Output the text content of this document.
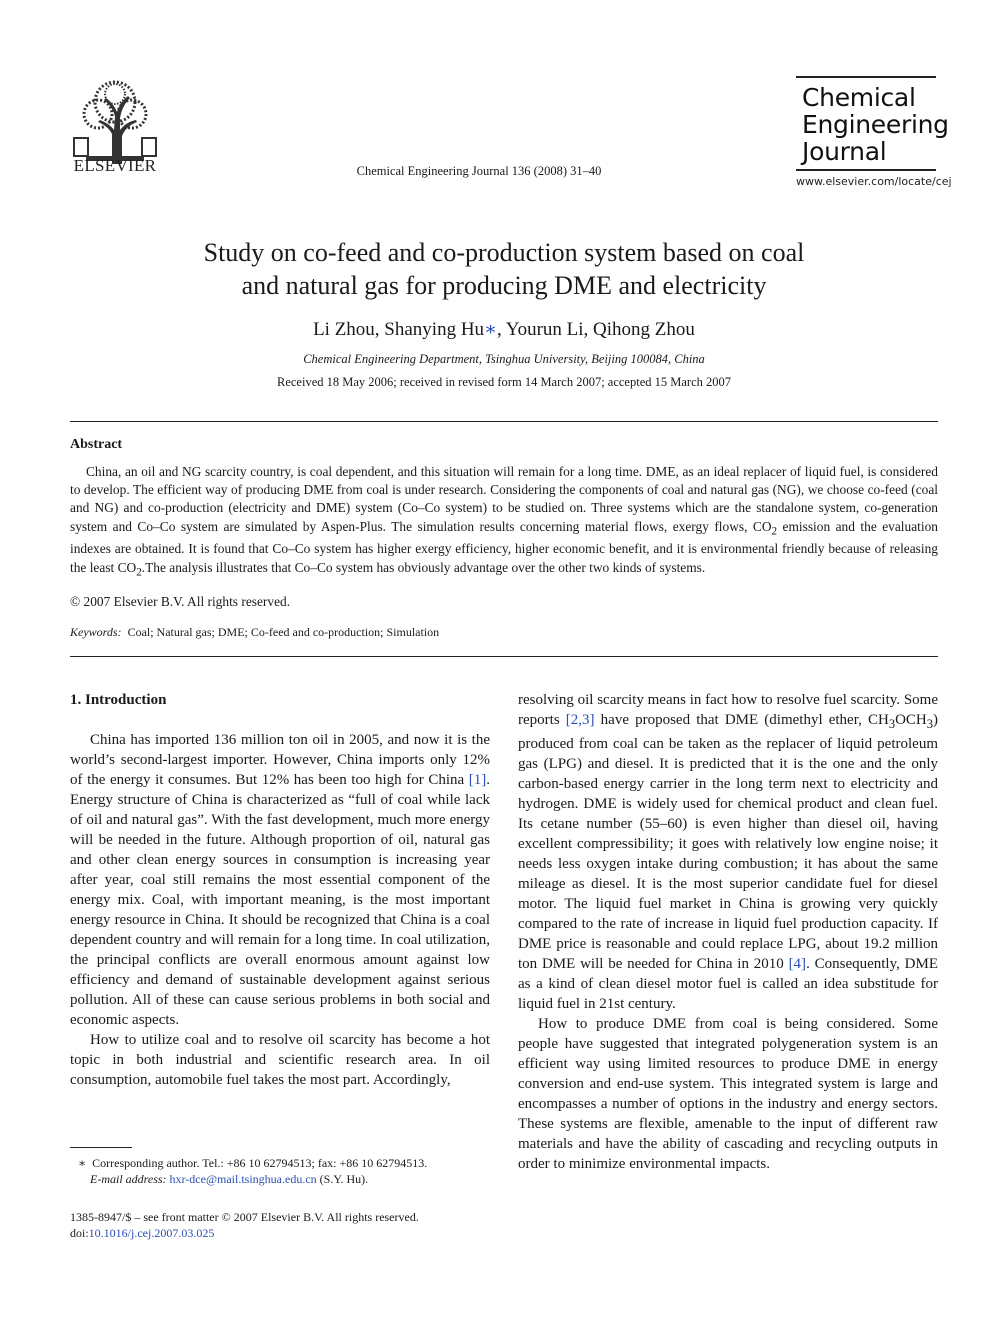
ELSEVIER	Chemical Engineering Journal 136 (2008) 31–40
Chemical
Engineering
Journal
www.elsevier.com/locate/cej
Study on co-feed and co-production system based on coal
and natural gas for producing DME and electricity
Li Zhou, Shanying Hu∗, Yourun Li, Qihong Zhou
Chemical Engineering Department, Tsinghua University, Beijing 100084, China
Received 18 May 2006; received in revised form 14 March 2007; accepted 15 March 2007
Abstract

China, an oil and NG scarcity country, is coal dependent, and this situation will remain for a long time. DME, as an ideal replacer of liquid fuel, is considered to develop. The efficient way of producing DME from coal is under research. Considering the components of coal and natural gas (NG), we choose co-feed (coal and NG) and co-production (electricity and DME) system (Co–Co system) to be studied on. Three systems which are the standalone system, co-generation system and Co–Co system are simulated by Aspen-Plus. The simulation results concerning material flows, exergy flows, $CO_2$ emission and the evaluation indexes are obtained. It is found that Co–Co system has higher exergy efficiency, higher economic benefit, and it is environmental friendly because of releasing the least $CO_2.The$ analysis illustrates that Co–Co system has obviously advantage over the other two kinds of systems.

© 2007 Elsevier B.V. All rights reserved.
Keywords: Coal; Natural gas; DME; Co-feed and co-production; Simulation
1. Introduction

China has imported 136 million ton oil in 2005, and now it is the world’s second-largest importer. However, China imports only 12% of the energy it consumes. But 12% has been too high for China [1]. Energy structure of China is characterized as “full of coal while lack of oil and natural gas”. With the fast development, much more energy will be needed in the future. Although proportion of oil, natural gas and other clean energy sources in consumption is increasing year after year, coal still remains the most essential component of the energy mix. Coal, with important meaning, is the most important energy resource in China. It should be recognized that China is a coal dependent country and will remain for a long time. In coal utilization, the principal conflicts are overall enormous amount against low efficiency and demand of sustainable development against serious pollution. All of these can cause serious problems in both social and economic aspects.

How to utilize coal and to resolve oil scarcity has become a hot topic in both industrial and scientific research area. In oil consumption, automobile fuel takes the most part. Accordingly,

resolving oil scarcity means in fact how to resolve fuel scarcity. Some reports [2,3] have proposed that DME (dimethyl ether, $CH_3OCH_3$) produced from coal can be taken as the replacer of liquid petroleum gas (LPG) and diesel. It is predicted that it is the one and the only carbon-based energy carrier in the long term next to electricity and hydrogen. DME is widely used for chemical product and clean fuel. Its cetane number (55–60) is even higher than diesel oil, having excellent compressibility; it goes with relatively low engine noise; it needs less oxygen intake during combustion; it has about the same mileage as diesel. It is the most superior candidate fuel for diesel motor. The liquid fuel market in China is growing very quickly compared to the rate of increase in liquid fuel production capacity. If DME price is reasonable and could replace LPG, about 19.2 million ton DME will be needed for China in 2010 [4]. Consequently, DME as a kind of clean diesel motor fuel is called an idea substitude for liquid fuel in 21st century.

How to produce DME from coal is being considered. Some people have suggested that integrated polygeneration system is an efficient way using limited resources to produce DME in energy conversion and end-use system. This integrated system is large and encompasses a number of options in the industry and energy sectors. These systems are flexible, amenable to the input of different raw materials and have the ability of cascading and recycling outputs in order to minimize environmental impacts.

∗ Corresponding author. Tel.: +86 10 62794513; fax: +86 10 62794513.
E-mail address: hxr-dce@mail.tsinghua.edu.cn (S.Y. Hu).
1385-8947/$ – see front matter © 2007 Elsevier B.V. All rights reserved.
doi:10.1016/j.cej.2007.03.025
